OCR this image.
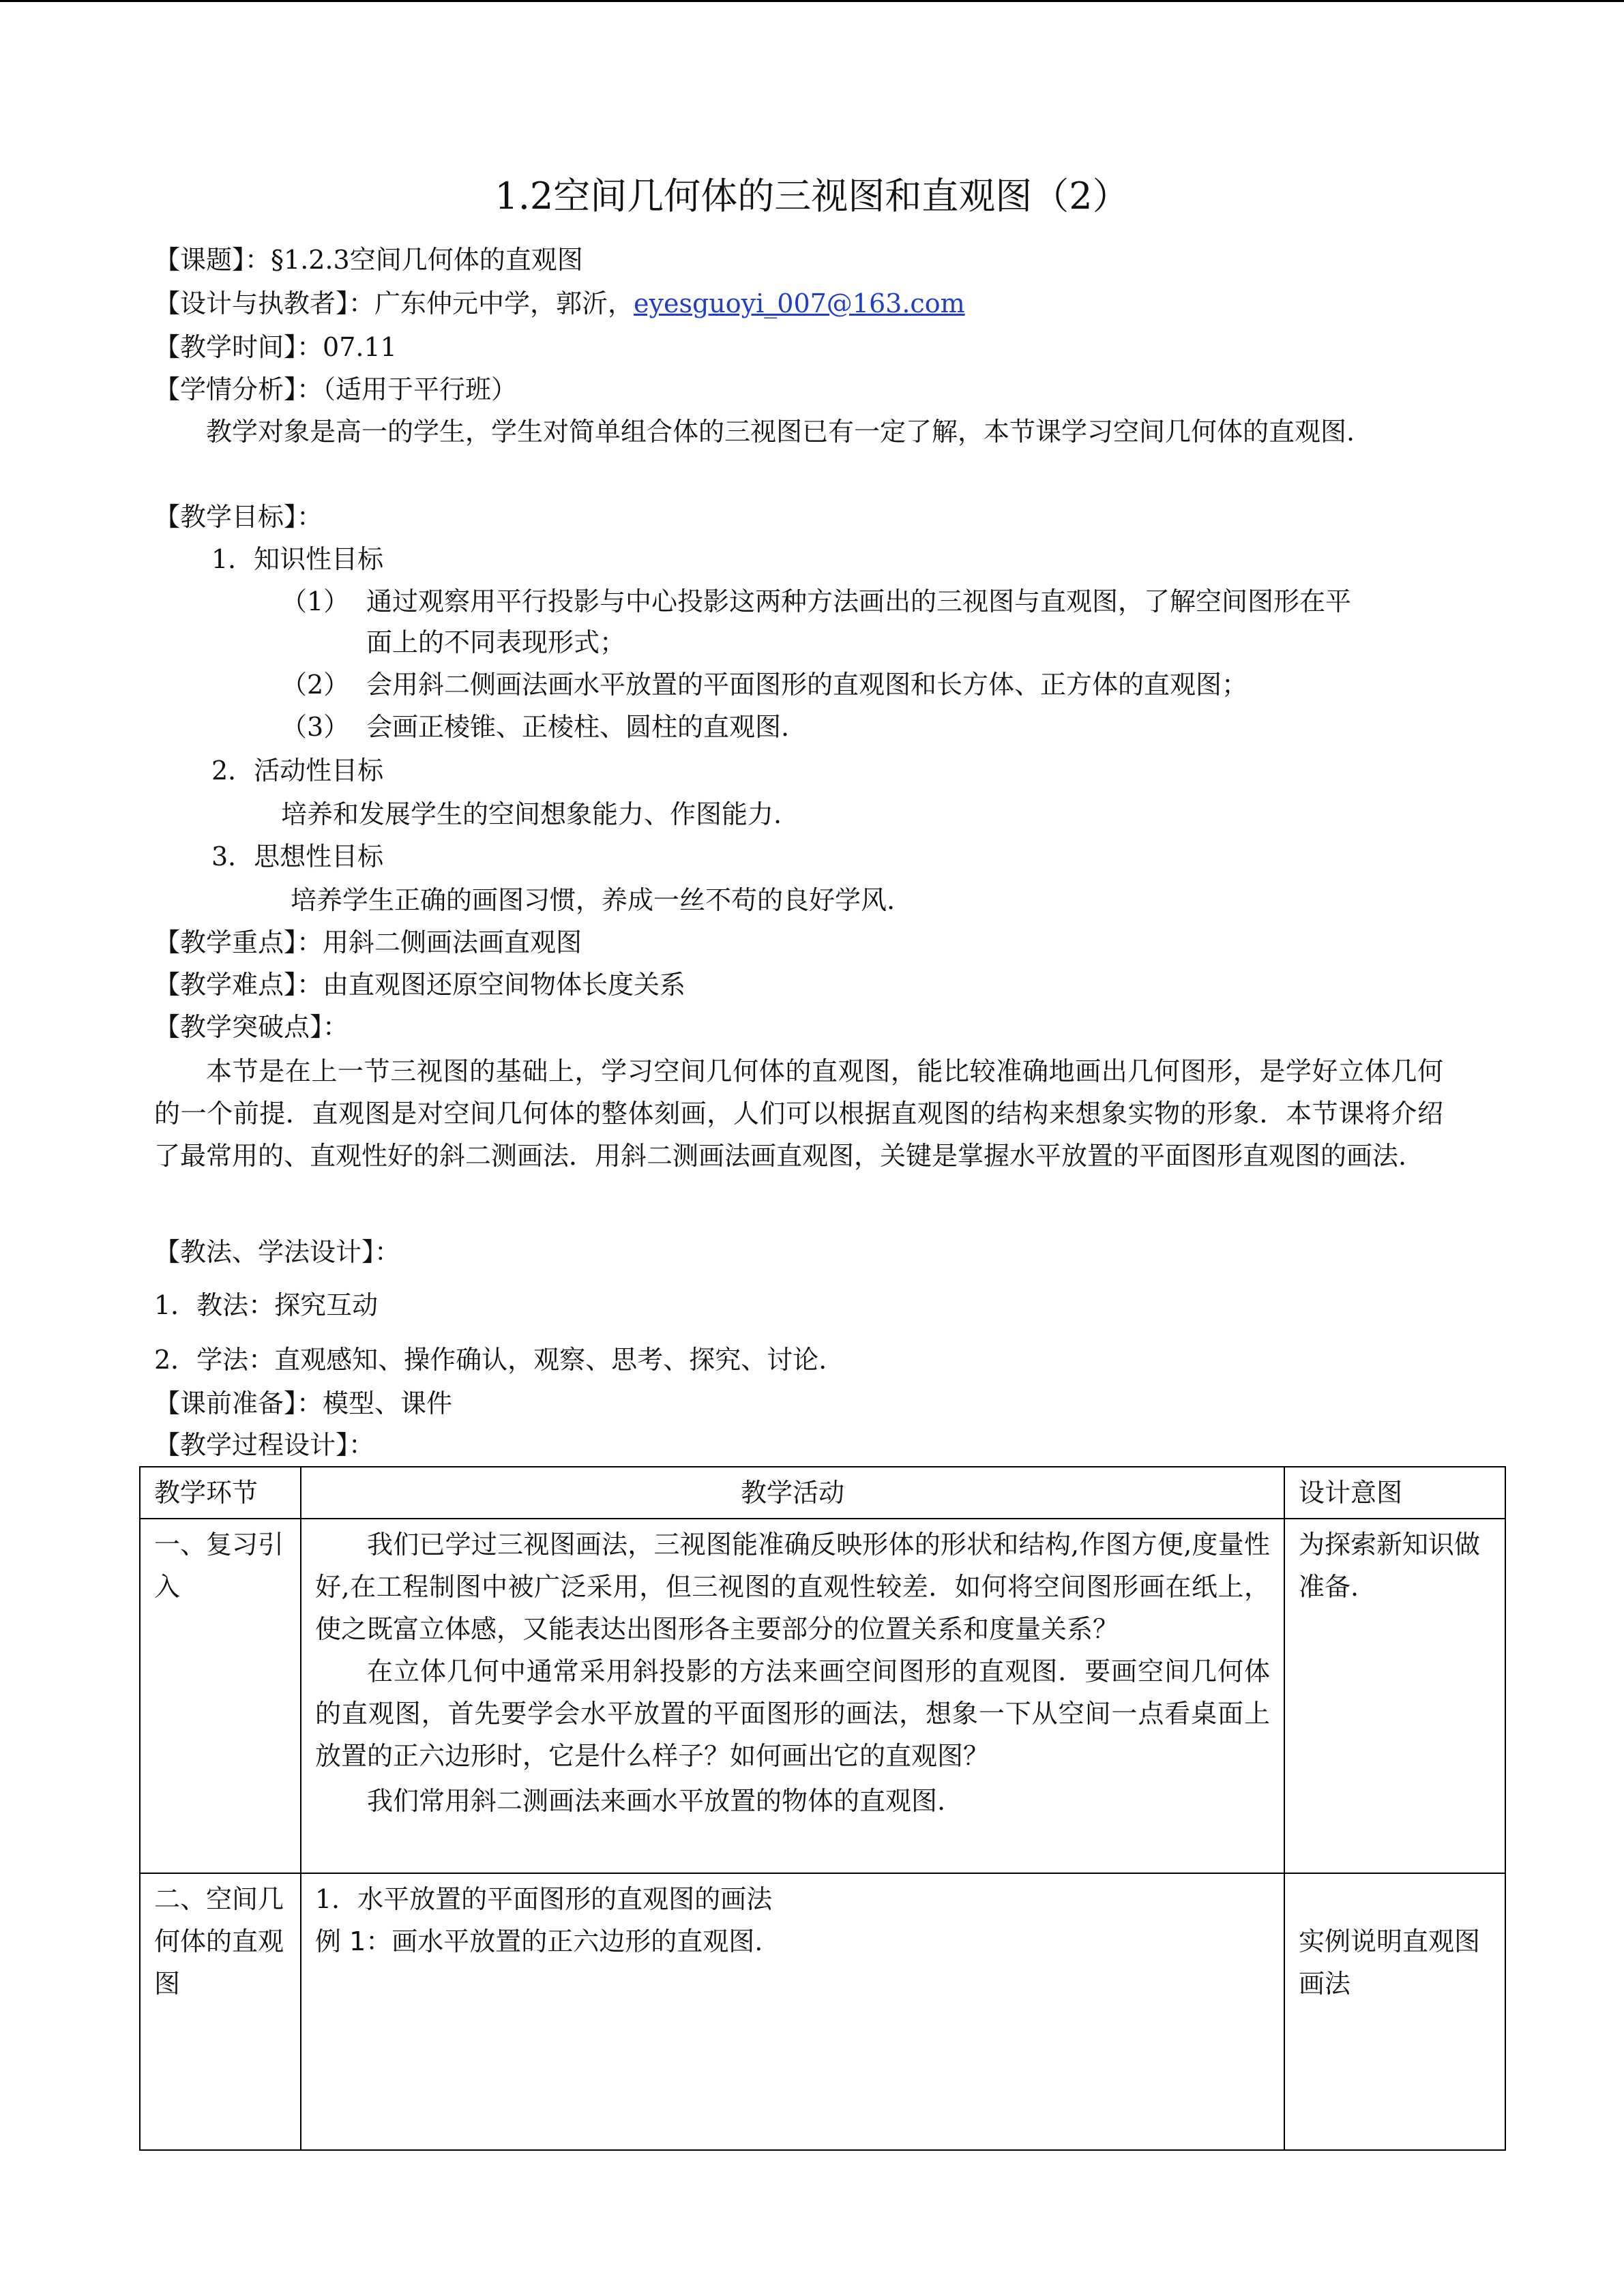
1.2空间几何体的三视图和直观图（2）
【课题】：§1.2.3空间几何体的直观图
【设计与执教者】：广东仲元中学，郭沂，eyesguoyi_007@163.com
【教学时间】：07.11
【学情分析】：（适用于平行班）
教学对象是高一的学生，学生对简单组合体的三视图已有一定了解，本节课学习空间几何体的直观图.
【教学目标】：
1．知识性目标
（1） 通过观察用平行投影与中心投影这两种方法画出的三视图与直观图，了解空间图形在平
面上的不同表现形式；
（2） 会用斜二侧画法画水平放置的平面图形的直观图和长方体、正方体的直观图；
（3） 会画正棱锥、正棱柱、圆柱的直观图.
2．活动性目标
培养和发展学生的空间想象能力、作图能力.
3．思想性目标
培养学生正确的画图习惯，养成一丝不苟的良好学风.
【教学重点】：用斜二侧画法画直观图
【教学难点】：由直观图还原空间物体长度关系
【教学突破点】：
本节是在上一节三视图的基础上，学习空间几何体的直观图，能比较准确地画出几何图形，是学好立体几何的一个前提．直观图是对空间几何体的整体刻画，人们可以根据直观图的结构来想象实物的形象．本节课将介绍了最常用的、直观性好的斜二测画法．用斜二测画法画直观图，关键是掌握水平放置的平面图形直观图的画法.
【教法、学法设计】：
1．教法：探究互动
2．学法：直观感知、操作确认，观察、思考、探究、讨论.
【课前准备】：模型、课件
【教学过程设计】：
教学环节	教学活动	设计意图
一、复习引入	我们已学过三视图画法，三视图能准确反映形体的形状和结构,作图方便,度量性好,在工程制图中被广泛采用，但三视图的直观性较差．如何将空间图形画在纸上，使之既富立体感，又能表达出图形各主要部分的位置关系和度量关系？

在立体几何中通常采用斜投影的方法来画空间图形的直观图．要画空间几何体的直观图，首先要学会水平放置的平面图形的画法，想象一下从空间一点看桌面上放置的正六边形时，它是什么样子？如何画出它的直观图？

我们常用斜二测画法来画水平放置的物体的直观图.	为探索新知识做准备.
二、空间几何体的直观图	1．水平放置的平面图形的直观图的画法

例 1：画水平放置的正六边形的直观图.	实例说明直观图画法
